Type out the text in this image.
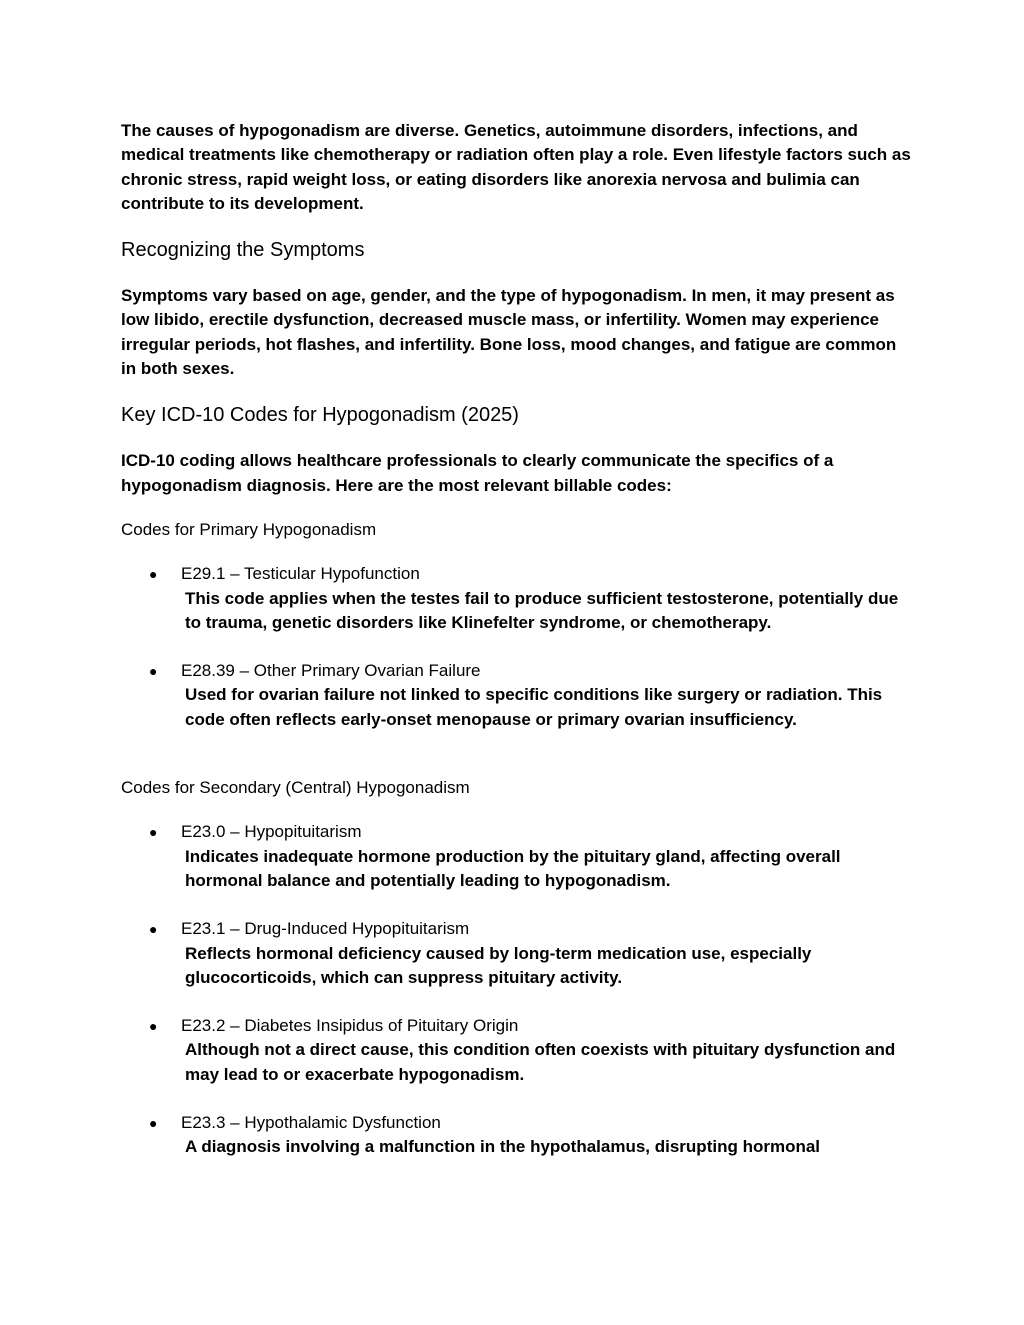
The causes of hypogonadism are diverse. Genetics, autoimmune disorders, infections, and medical treatments like chemotherapy or radiation often play a role. Even lifestyle factors such as chronic stress, rapid weight loss, or eating disorders like anorexia nervosa and bulimia can contribute to its development.

Recognizing the Symptoms

Symptoms vary based on age, gender, and the type of hypogonadism. In men, it may present as low libido, erectile dysfunction, decreased muscle mass, or infertility. Women may experience irregular periods, hot flashes, and infertility. Bone loss, mood changes, and fatigue are common in both sexes.

Key ICD-10 Codes for Hypogonadism (2025)

ICD-10 coding allows healthcare professionals to clearly communicate the specifics of a hypogonadism diagnosis. Here are the most relevant billable codes:

Codes for Primary Hypogonadism

● E29.1 – Testicular Hypofunction
This code applies when the testes fail to produce sufficient testosterone, potentially due to trauma, genetic disorders like Klinefelter syndrome, or chemotherapy.
● E28.39 – Other Primary Ovarian Failure
Used for ovarian failure not linked to specific conditions like surgery or radiation. This code often reflects early-onset menopause or primary ovarian insufficiency.

Codes for Secondary (Central) Hypogonadism

● E23.0 – Hypopituitarism
Indicates inadequate hormone production by the pituitary gland, affecting overall hormonal balance and potentially leading to hypogonadism.
● E23.1 – Drug-Induced Hypopituitarism
Reflects hormonal deficiency caused by long-term medication use, especially glucocorticoids, which can suppress pituitary activity.
● E23.2 – Diabetes Insipidus of Pituitary Origin
Although not a direct cause, this condition often coexists with pituitary dysfunction and may lead to or exacerbate hypogonadism.
● E23.3 – Hypothalamic Dysfunction
A diagnosis involving a malfunction in the hypothalamus, disrupting hormonal
